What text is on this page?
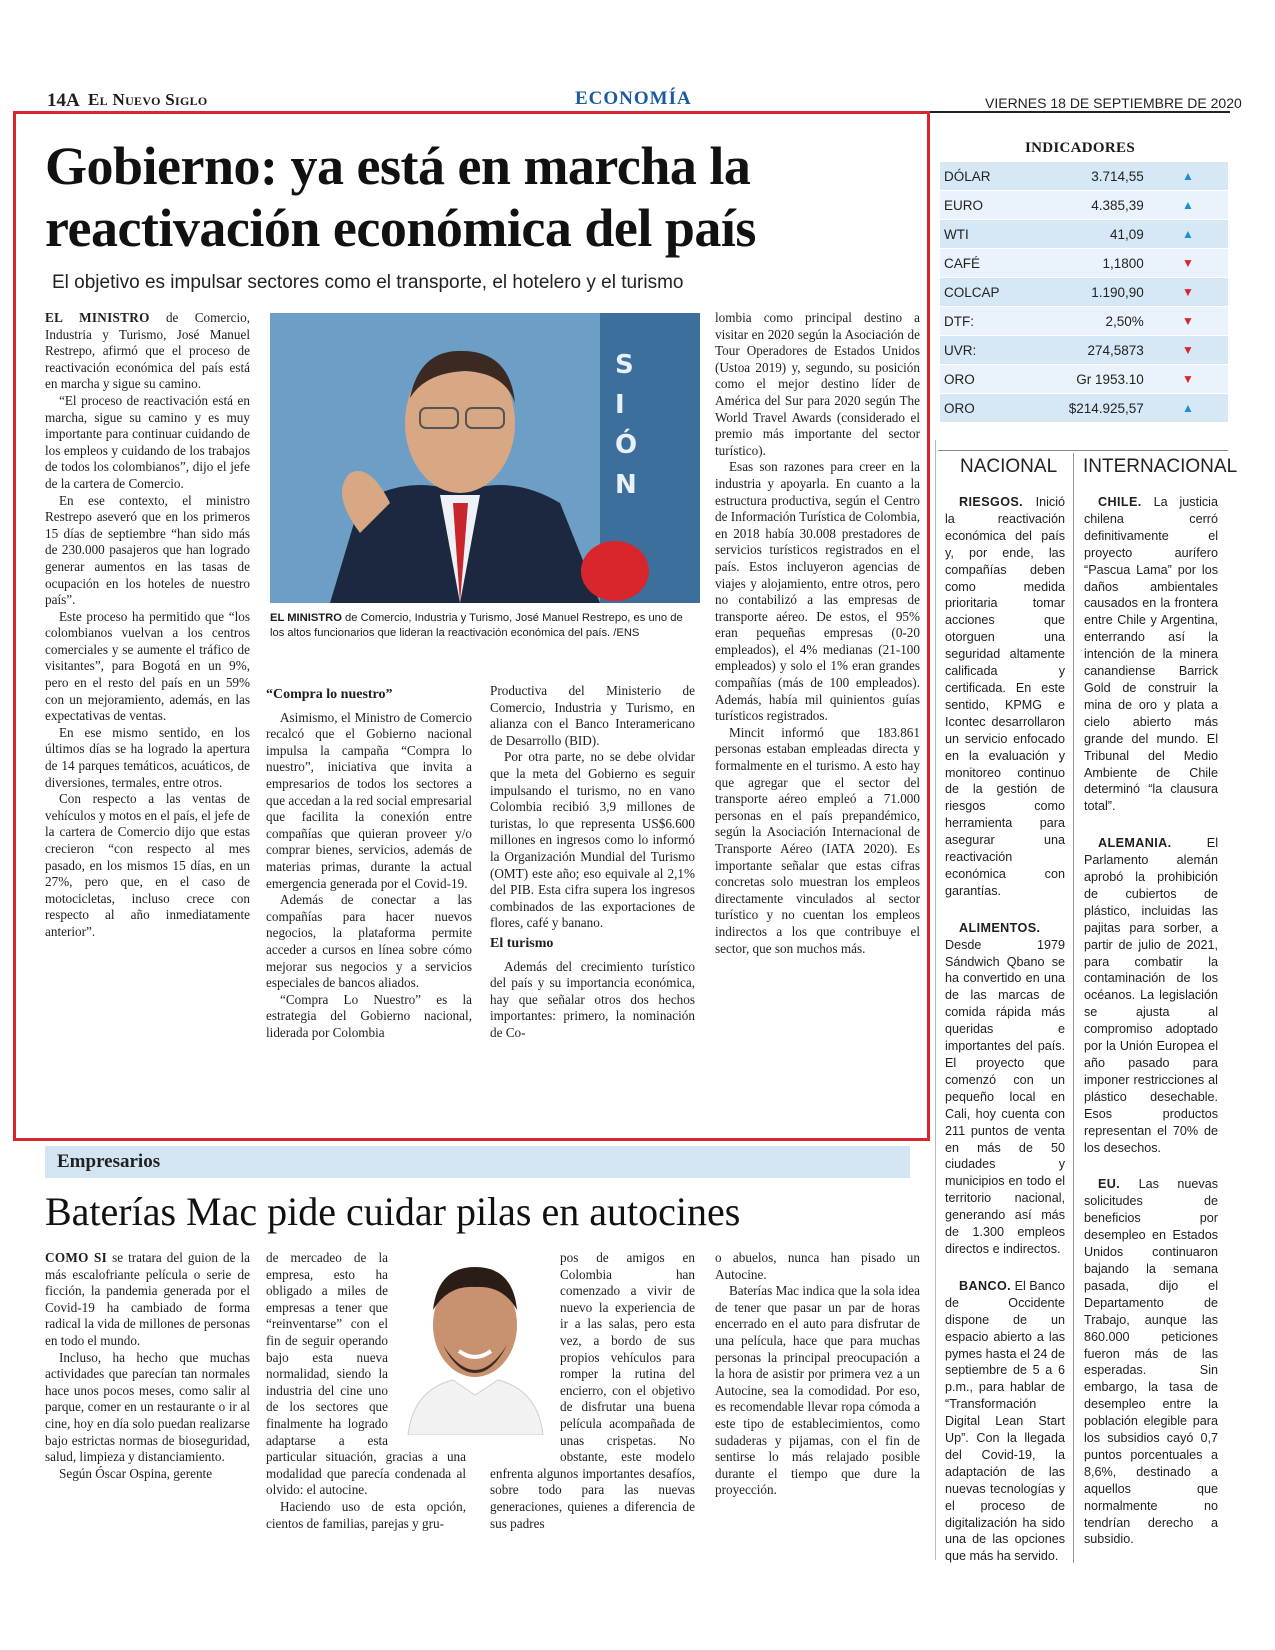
14A El Nuevo Siglo	ECONOMÍA	VIERNES 18 DE SEPTIEMBRE DE 2020
Gobierno: ya está en marcha la reactivación económica del país
El objetivo es impulsar sectores como el transporte, el hotelero y el turismo

EL MINISTRO de Comercio, Industria y Turismo, José Manuel Restrepo, afirmó que el proceso de reactivación económica del país está en marcha y sigue su camino.

“El proceso de reactivación está en marcha, sigue su camino y es muy importante para continuar cuidando de los empleos y cuidando de los trabajos de todos los colombianos”, dijo el jefe de la cartera de Comercio.

En ese contexto, el ministro Restrepo aseveró que en los primeros 15 días de septiembre “han sido más de 230.000 pasajeros que han logrado generar aumentos en las tasas de ocupación en los hoteles de nuestro país”.

Este proceso ha permitido que “los colombianos vuelvan a los centros comerciales y se aumente el tráfico de visitantes”, para Bogotá en un 9%, pero en el resto del país en un 59% con un mejoramiento, además, en las expectativas de ventas.

En ese mismo sentido, en los últimos días se ha logrado la apertura de 14 parques temáticos, acuáticos, de diversiones, termales, entre otros.

Con respecto a las ventas de vehículos y motos en el país, el jefe de la cartera de Comercio dijo que estas crecieron “con respecto al mes pasado, en los mismos 15 días, en un 27%, pero que, en el caso de motocicletas, incluso crece con respecto al año inmediatamente anterior”.

S
I
Ó
N
EL MINISTRO de Comercio, Industria y Turismo, José Manuel Restrepo, es uno de los altos funcionarios que lideran la reactivación económica del país. /ENS
“Compra lo nuestro”

Asimismo, el Ministro de Comercio recalcó que el Gobierno nacional impulsa la campaña “Compra lo nuestro”, iniciativa que invita a empresarios de todos los sectores a que accedan a la red social empresarial que facilita la conexión entre compañías que quieran proveer y/o comprar bienes, servicios, además de materias primas, durante la actual emergencia generada por el Covid-19.

Además de conectar a las compañías para hacer nuevos negocios, la plataforma permite acceder a cursos en línea sobre cómo mejorar sus negocios y a servicios especiales de bancos aliados.

“Compra Lo Nuestro” es la estrategia del Gobierno nacional, liderada por Colombia

Productiva del Ministerio de Comercio, Industria y Turismo, en alianza con el Banco Interamericano de Desarrollo (BID).

Por otra parte, no se debe olvidar que la meta del Gobierno es seguir impulsando el turismo, no en vano Colombia recibió 3,9 millones de turistas, lo que representa US$6.600 millones en ingresos como lo informó la Organización Mundial del Turismo (OMT) este año; eso equivale al 2,1% del PIB. Esta cifra supera los ingresos combinados de las exportaciones de flores, café y banano.

El turismo

Además del crecimiento turístico del país y su importancia económica, hay que señalar otros dos hechos importantes: primero, la nominación de Co-

lombia como principal destino a visitar en 2020 según la Asociación de Tour Operadores de Estados Unidos (Ustoa 2019) y, segundo, su posición como el mejor destino líder de América del Sur para 2020 según The World Travel Awards (considerado el premio más importante del sector turístico).

Esas son razones para creer en la industria y apoyarla. En cuanto a la estructura productiva, según el Centro de Información Turística de Colombia, en 2018 había 30.008 prestadores de servicios turísticos registrados en el país. Estos incluyeron agencias de viajes y alojamiento, entre otros, pero no contabilizó a las empresas de transporte aéreo. De estos, el 95% eran pequeñas empresas (0-20 empleados), el 4% medianas (21-100 empleados) y solo el 1% eran grandes compañías (más de 100 empleados). Además, había mil quinientos guías turísticos registrados.

Mincit informó que 183.861 personas estaban empleadas directa y formalmente en el turismo. A esto hay que agregar que el sector del transporte aéreo empleó a 71.000 personas en el país prepandémico, según la Asociación Internacional de Transporte Aéreo (IATA 2020). Es importante señalar que estas cifras concretas solo muestran los empleos directamente vinculados al sector turístico y no cuentan los empleos indirectos a los que contribuye el sector, que son muchos más.

INDICADORES
DÓLAR	3.714,55	▲
EURO	4.385,39	▲
WTI	41,09	▲
CAFÉ	1,1800	▼
COLCAP	1.190,90	▼
DTF:	2,50%	▼
UVR:	274,5873	▼
ORO	Gr 1953.10	▼
ORO	$214.925,57	▲
NACIONAL INTERNACIONAL

RIESGOS. Inició la reactivación económica del país y, por ende, las compañías deben como medida prioritaria tomar acciones que otorguen una seguridad altamente calificada y certificada. En este sentido, KPMG e Icontec desarrollaron un servicio enfocado en la evaluación y monitoreo continuo de la gestión de riesgos como herramienta para asegurar una reactivación económica con garantías.

ALIMENTOS. Desde 1979 Sándwich Qbano se ha convertido en una de las marcas de comida rápida más queridas e importantes del país. El proyecto que comenzó con un pequeño local en Cali, hoy cuenta con 211 puntos de venta en más de 50 ciudades y municipios en todo el territorio nacional, generando así más de 1.300 empleos directos e indirectos.

BANCO. El Banco de Occidente dispone de un espacio abierto a las pymes hasta el 24 de septiembre de 5 a 6 p.m., para hablar de “Transformación Digital Lean Start Up”. Con la llegada del Covid-19, la adaptación de las nuevas tecnologías y el proceso de digitalización ha sido una de las opciones que más ha servido.

CHILE. La justicia chilena cerró definitivamente el proyecto aurífero “Pascua Lama” por los daños ambientales causados en la frontera entre Chile y Argentina, enterrando así la intención de la minera canandiense Barrick Gold de construir la mina de oro y plata a cielo abierto más grande del mundo. El Tribunal del Medio Ambiente de Chile determinó “la clausura total”.

ALEMANIA. El Parlamento alemán aprobó la prohibición de cubiertos de plástico, incluidas las pajitas para sorber, a partir de julio de 2021, para combatir la contaminación de los océanos. La legislación se ajusta al compromiso adoptado por la Unión Europea el año pasado para imponer restricciones al plástico desechable. Esos productos representan el 70% de los desechos.

EU. Las nuevas solicitudes de beneficios por desempleo en Estados Unidos continuaron bajando la semana pasada, dijo el Departamento de Trabajo, aunque las 860.000 peticiones fueron más de las esperadas. Sin embargo, la tasa de desempleo entre la población elegible para los subsidios cayó 0,7 puntos porcentuales a 8,6%, destinado a aquellos que normalmente no tendrían derecho a subsidio.

Empresarios
Baterías Mac pide cuidar pilas en autocines

COMO SI se tratara del guion de la más escalofriante película o serie de ficción, la pandemia generada por el Covid-19 ha cambiado de forma radical la vida de millones de personas en todo el mundo.

Incluso, ha hecho que muchas actividades que parecían tan normales hace unos pocos meses, como salir al parque, comer en un restaurante o ir al cine, hoy en día solo puedan realizarse bajo estrictas normas de bioseguridad, salud, limpieza y distanciamiento.

Según Óscar Ospina, gerente

de mercadeo de la empresa, esto ha obligado a miles de empresas a tener que “reinventarse” con el fin de seguir operando bajo esta nueva normalidad, siendo la industria del cine uno de los sectores que finalmente ha logrado adaptarse a esta particular situación, gracias a una modalidad que parecía condenada al olvido: el autocine.

Haciendo uso de esta opción, cientos de familias, parejas y gru-

pos de amigos en Colombia han comenzado a vivir de nuevo la experiencia de ir a las salas, pero esta vez, a bordo de sus propios vehículos para romper la rutina del encierro, con el objetivo de disfrutar una buena película acompañada de unas crispetas. No obstante, este modelo enfrenta algunos importantes desafíos, sobre todo para las nuevas generaciones, quienes a diferencia de sus padres

o abuelos, nunca han pisado un Autocine.

Baterías Mac indica que la sola idea de tener que pasar un par de horas encerrado en el auto para disfrutar de una película, hace que para muchas personas la principal preocupación a la hora de asistir por primera vez a un Autocine, sea la comodidad. Por eso, es recomendable llevar ropa cómoda a este tipo de establecimientos, como sudaderas y pijamas, con el fin de sentirse lo más relajado posible durante el tiempo que dure la proyección.
